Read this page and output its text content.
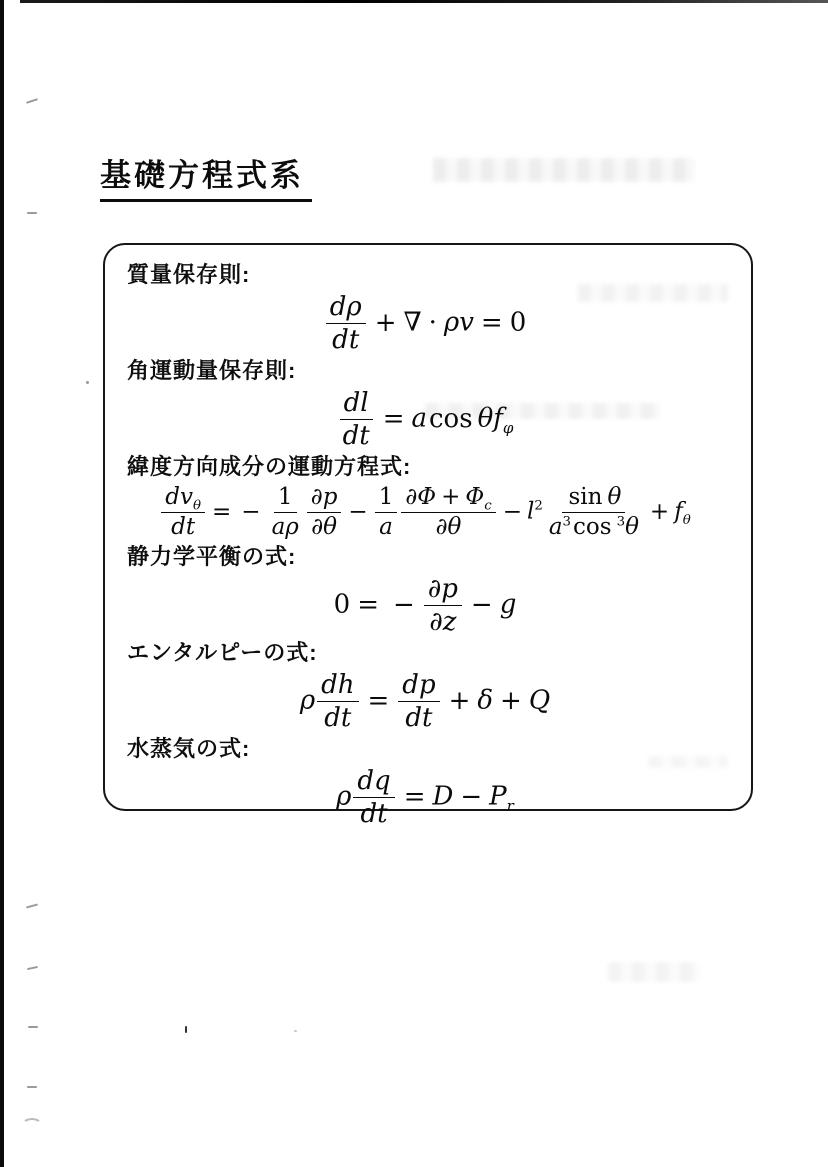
基礎方程式系
質量保存則:
$\frac{d\rho}{dt}$ + ∇ · ρv = 0
角運動量保存則:
$\frac{dl}{dt} = acos$ $\theta f_\varphi$
緯度方向成分の運動方程式:
$\frac{dv_\theta}{dt}$ = − $\frac{1}{a\rho} \frac{\partial p}{\partial\theta} - \frac{1}{a} \frac{\partial\Phi + \Phi_c}{\partial\theta} - l^2 \frac{\text{sin θ}}{a^3\cos ^3\theta} + f_\theta$
静力学平衡の式:
0 = − $\frac{\partial p}{\partial z} - g$
エンタルピーの式:
ρ $\frac{dh}{dt} = \frac{dp}{dt} + \delta + Q$
水蒸気の式:
ρ $\frac{dq}{dt} = D - P_r$
